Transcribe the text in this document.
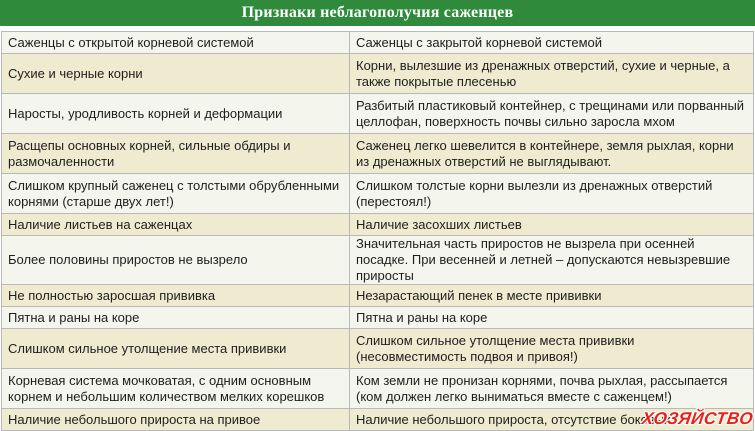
Признаки неблагополучия саженцев
Саженцы с открытой корневой системой	Саженцы с закрытой корневой системой
Сухие и черные корни	Корни, вылезшие из дренажных отверстий, сухие и черные, а также покрытые плесенью
Наросты, уродливость корней и деформации	Разбитый пластиковый контейнер, с трещинами или порванный целлофан, поверхность почвы сильно заросла мхом
Расщепы основных корней, сильные обдиры и размочаленности	Саженец легко шевелится в контейнере, земля рыхлая, корни из дренажных отверстий не выглядывают.
Слишком крупный саженец с толстыми обрубленными корнями (старше двух лет!)	Слишком толстые корни вылезли из дренажных отверстий (перестоял!)
Наличие листьев на саженцах	Наличие засохших листьев
Более половины приростов не вызрело	Значительная часть приростов не вызрела при осенней посадке. При весенней и летней – допускаются невызревшие приросты
Не полностью заросшая прививка	Незарастающий пенек в месте прививки
Пятна и раны на коре	Пятна и раны на коре
Слишком сильное утолщение места прививки	Слишком сильное утолщение места прививки (несовместимость подвоя и привоя!)
Корневая система мочковатая, с одним основным корнем и небольшим количеством мелких корешков	Ком земли не пронизан корнями, почва рыхлая, рассыпается (ком должен легко выниматься вместе с саженцем!)
Наличие небольшого прироста на привое	Наличие небольшого прироста, отсутствие боковых
ХОЗЯЙСТВО
